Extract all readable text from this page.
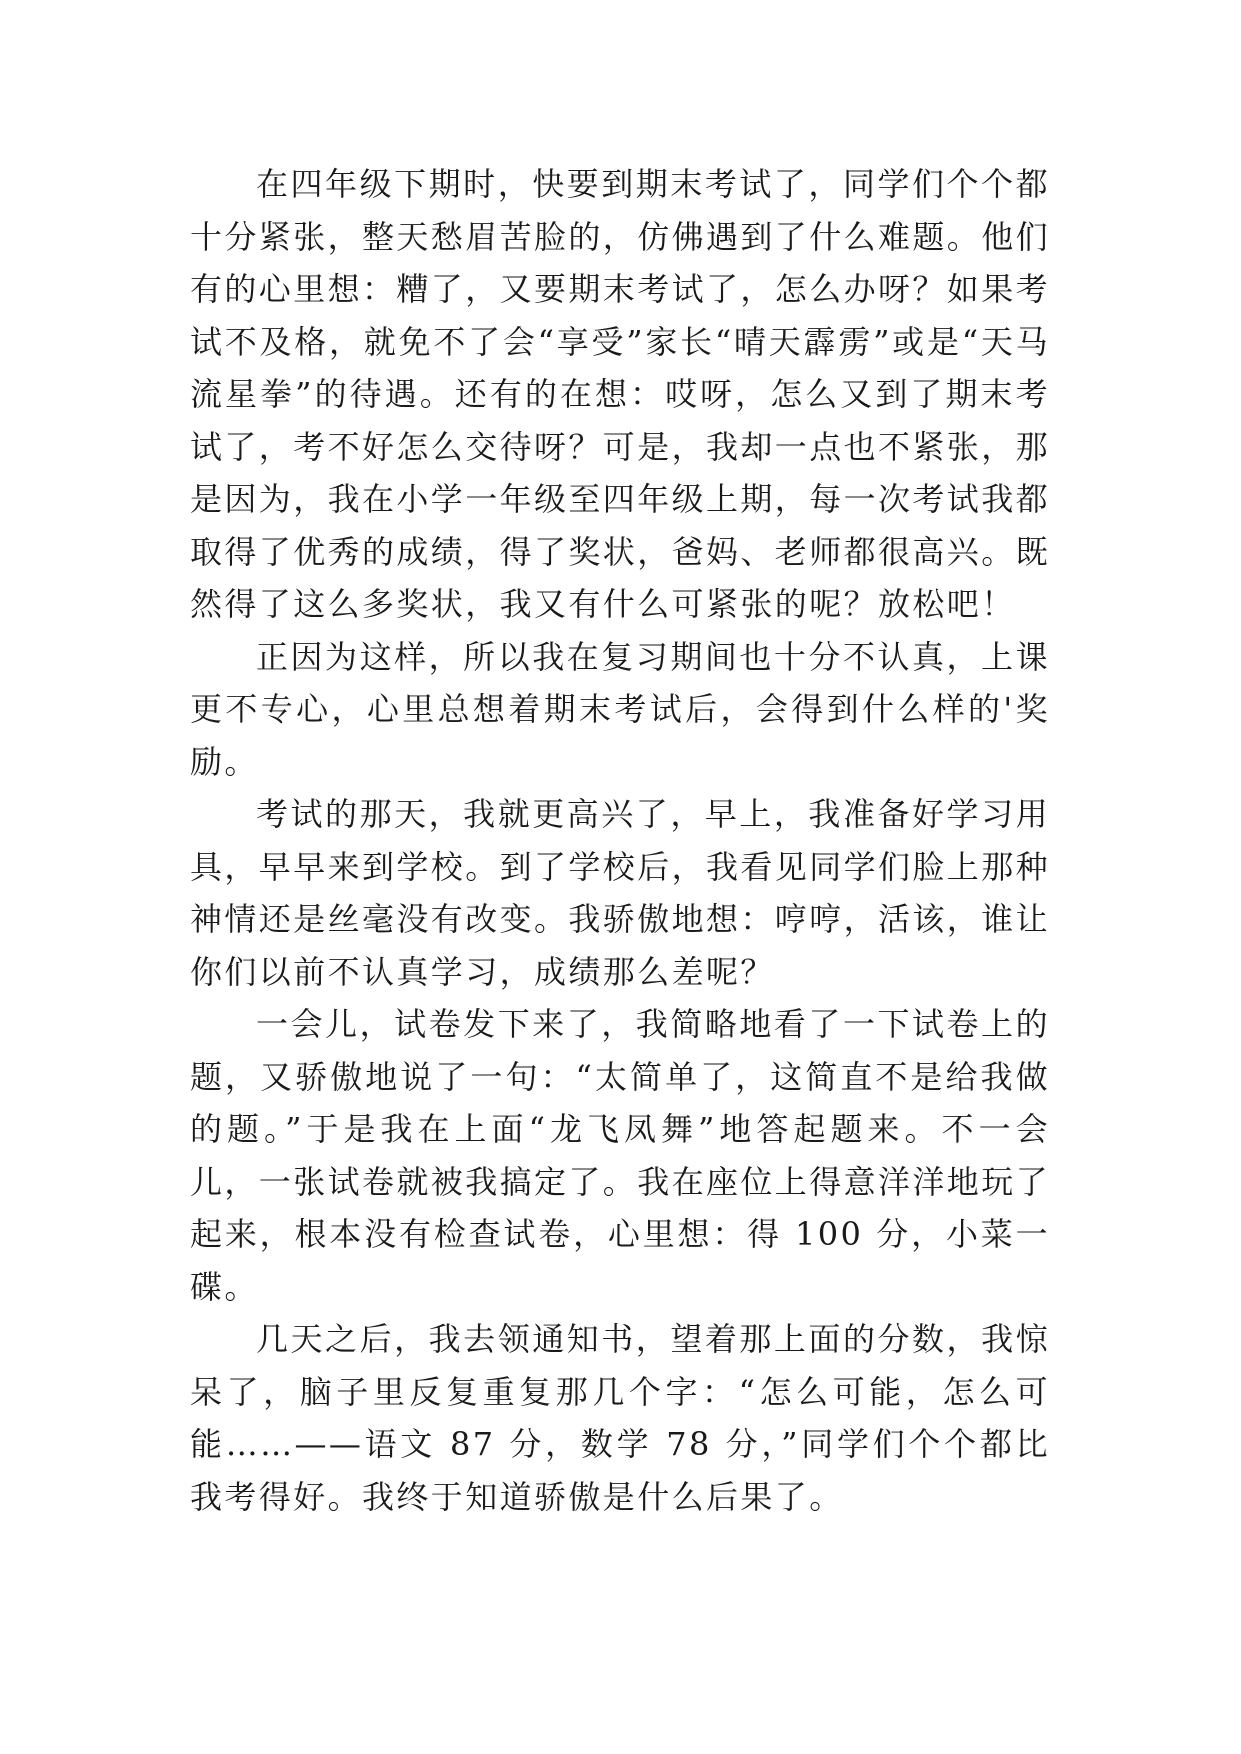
在四年级下期时，快要到期末考试了，同学们个个都十分紧张，整天愁眉苦脸的，仿佛遇到了什么难题。他们有的心里想：糟了，又要期末考试了，怎么办呀？如果考试不及格，就免不了会“享受”家长“晴天霹雳”或是“天马流星拳”的待遇。还有的在想：哎呀，怎么又到了期末考试了，考不好怎么交待呀？可是，我却一点也不紧张，那是因为，我在小学一年级至四年级上期，每一次考试我都取得了优秀的成绩，得了奖状，爸妈、老师都很高兴。既然得了这么多奖状，我又有什么可紧张的呢？放松吧！

正因为这样，所以我在复习期间也十分不认真，上课更不专心，心里总想着期末考试后，会得到什么样的'奖励。

考试的那天，我就更高兴了，早上，我准备好学习用具，早早来到学校。到了学校后，我看见同学们脸上那种神情还是丝毫没有改变。我骄傲地想：哼哼，活该，谁让你们以前不认真学习，成绩那么差呢？

一会儿，试卷发下来了，我简略地看了一下试卷上的题，又骄傲地说了一句：“太简单了，这简直不是给我做的题。”于是我在上面“龙飞凤舞”地答起题来。不一会儿，一张试卷就被我搞定了。我在座位上得意洋洋地玩了起来，根本没有检查试卷，心里想：得 100 分，小菜一碟。

几天之后，我去领通知书，望着那上面的分数，我惊呆了，脑子里反复重复那几个字：“怎么可能，怎么可能……——语文 87 分，数学 78 分，”同学们个个都比我考得好。我终于知道骄傲是什么后果了。
